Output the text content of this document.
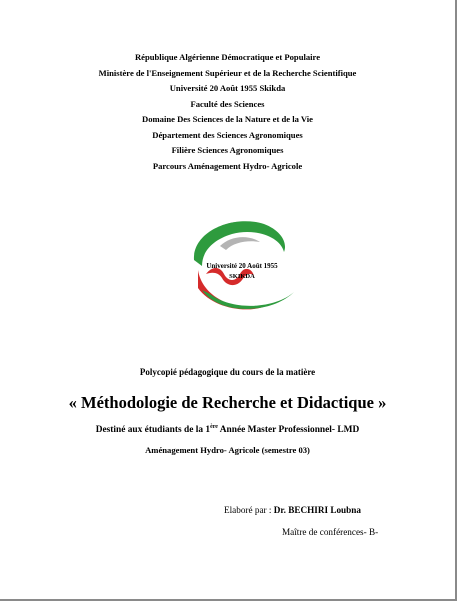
République Algérienne Démocratique et Populaire
Ministère de l'Enseignement Supérieur et de la Recherche Scientifique
Université 20 Août 1955 Skikda
Faculté des Sciences
Domaine Des Sciences de la Nature et de la Vie
Département des Sciences Agronomiques
Filière Sciences Agronomiques
Parcours Aménagement Hydro- Agricole
Université 20 Août 1955
SKIKDA
Polycopié pédagogique du cours de la matière
« Méthodologie de Recherche et Didactique »
Destiné aux étudiants de la 1ère Année Master Professionnel- LMD
Aménagement Hydro- Agricole (semestre 03)
Elaboré par : Dr. BECHIRI Loubna
Maître de conférences- B-
